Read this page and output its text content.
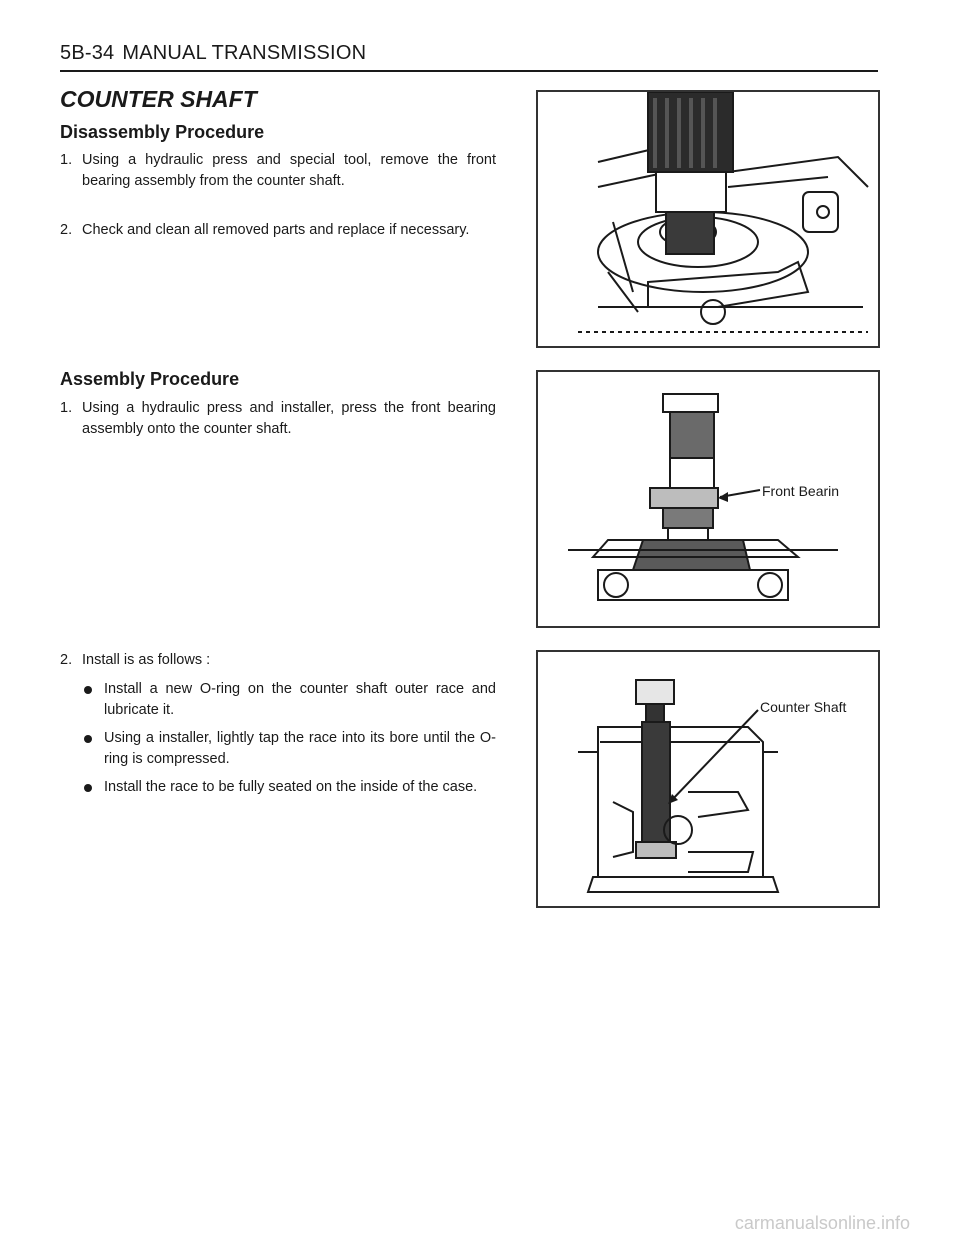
5B-34 MANUAL TRANSMISSION
COUNTER SHAFT
Disassembly Procedure
1. Using a hydraulic press and special tool, remove the front bearing assembly from the counter shaft.
2. Check and clean all removed parts and replace if necessary.
Assembly Procedure
1. Using a hydraulic press and installer, press the front bearing assembly onto the counter shaft.
2. Install is as follows :
Install a new O-ring on the counter shaft outer race and lubricate it.
Using a installer, lightly tap the race into its bore until the O-ring is compressed.
Install the race to be fully seated on the inside of the case.
Front Bearin
Counter Shaft
carmanualsonline.info
